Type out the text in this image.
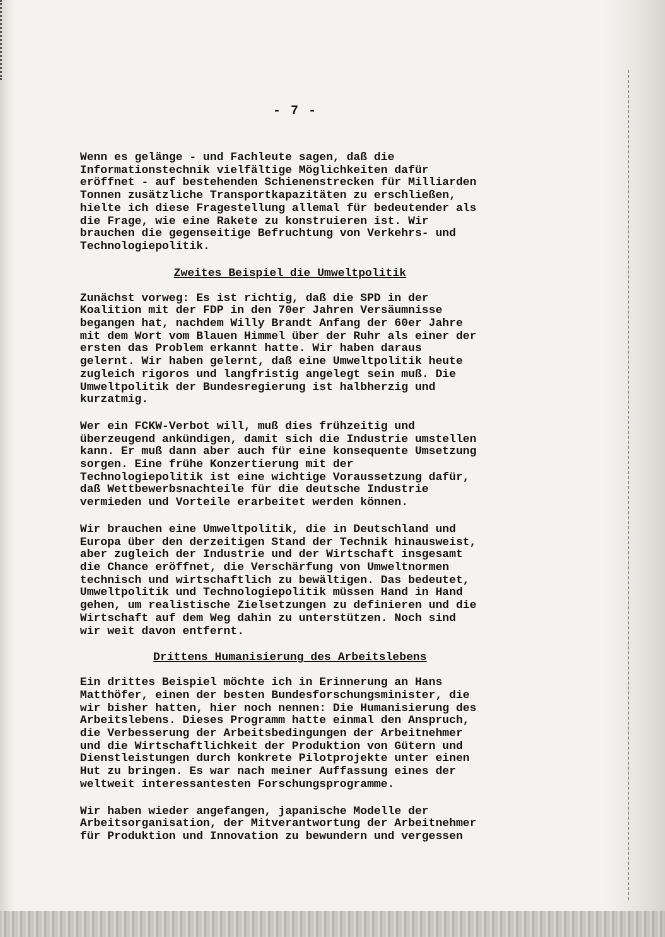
- 7 -
Wenn es gelänge - und Fachleute sagen, daß die
Informationstechnik vielfältige Möglichkeiten dafür
eröffnet - auf bestehenden Schienenstrecken für Milliarden
Tonnen zusätzliche Transportkapazitäten zu erschließen,
hielte ich diese Fragestellung allemal für bedeutender als
die Frage, wie eine Rakete zu konstruieren ist. Wir
brauchen die gegenseitige Befruchtung von Verkehrs- und
Technologiepolitik.
Zweites Beispiel die Umweltpolitik
Zunächst vorweg: Es ist richtig, daß die SPD in der
Koalition mit der FDP in den 70er Jahren Versäumnisse
begangen hat, nachdem Willy Brandt Anfang der 60er Jahre
mit dem Wort vom Blauen Himmel über der Ruhr als einer der
ersten das Problem erkannt hatte. Wir haben daraus
gelernt. Wir haben gelernt, daß eine Umweltpolitik heute
zugleich rigoros und langfristig angelegt sein muß. Die
Umweltpolitik der Bundesregierung ist halbherzig und
kurzatmig.
Wer ein FCKW-Verbot will, muß dies frühzeitig und
überzeugend ankündigen, damit sich die Industrie umstellen
kann. Er muß dann aber auch für eine konsequente Umsetzung
sorgen. Eine frühe Konzertierung mit der
Technologiepolitik ist eine wichtige Voraussetzung dafür,
daß Wettbewerbsnachteile für die deutsche Industrie
vermieden und Vorteile erarbeitet werden können.
Wir brauchen eine Umweltpolitik, die in Deutschland und
Europa über den derzeitigen Stand der Technik hinausweist,
aber zugleich der Industrie und der Wirtschaft insgesamt
die Chance eröffnet, die Verschärfung von Umweltnormen
technisch und wirtschaftlich zu bewältigen. Das bedeutet,
Umweltpolitik und Technologiepolitik müssen Hand in Hand
gehen, um realistische Zielsetzungen zu definieren und die
Wirtschaft auf dem Weg dahin zu unterstützen. Noch sind
wir weit davon entfernt.
Drittens Humanisierung des Arbeitslebens
Ein drittes Beispiel möchte ich in Erinnerung an Hans
Matthöfer, einen der besten Bundesforschungsminister, die
wir bisher hatten, hier noch nennen: Die Humanisierung des
Arbeitslebens. Dieses Programm hatte einmal den Anspruch,
die Verbesserung der Arbeitsbedingungen der Arbeitnehmer
und die Wirtschaftlichkeit der Produktion von Gütern und
Dienstleistungen durch konkrete Pilotprojekte unter einen
Hut zu bringen. Es war nach meiner Auffassung eines der
weltweit interessantesten Forschungsprogramme.
Wir haben wieder angefangen, japanische Modelle der
Arbeitsorganisation, der Mitverantwortung der Arbeitnehmer
für Produktion und Innovation zu bewundern und vergessen
